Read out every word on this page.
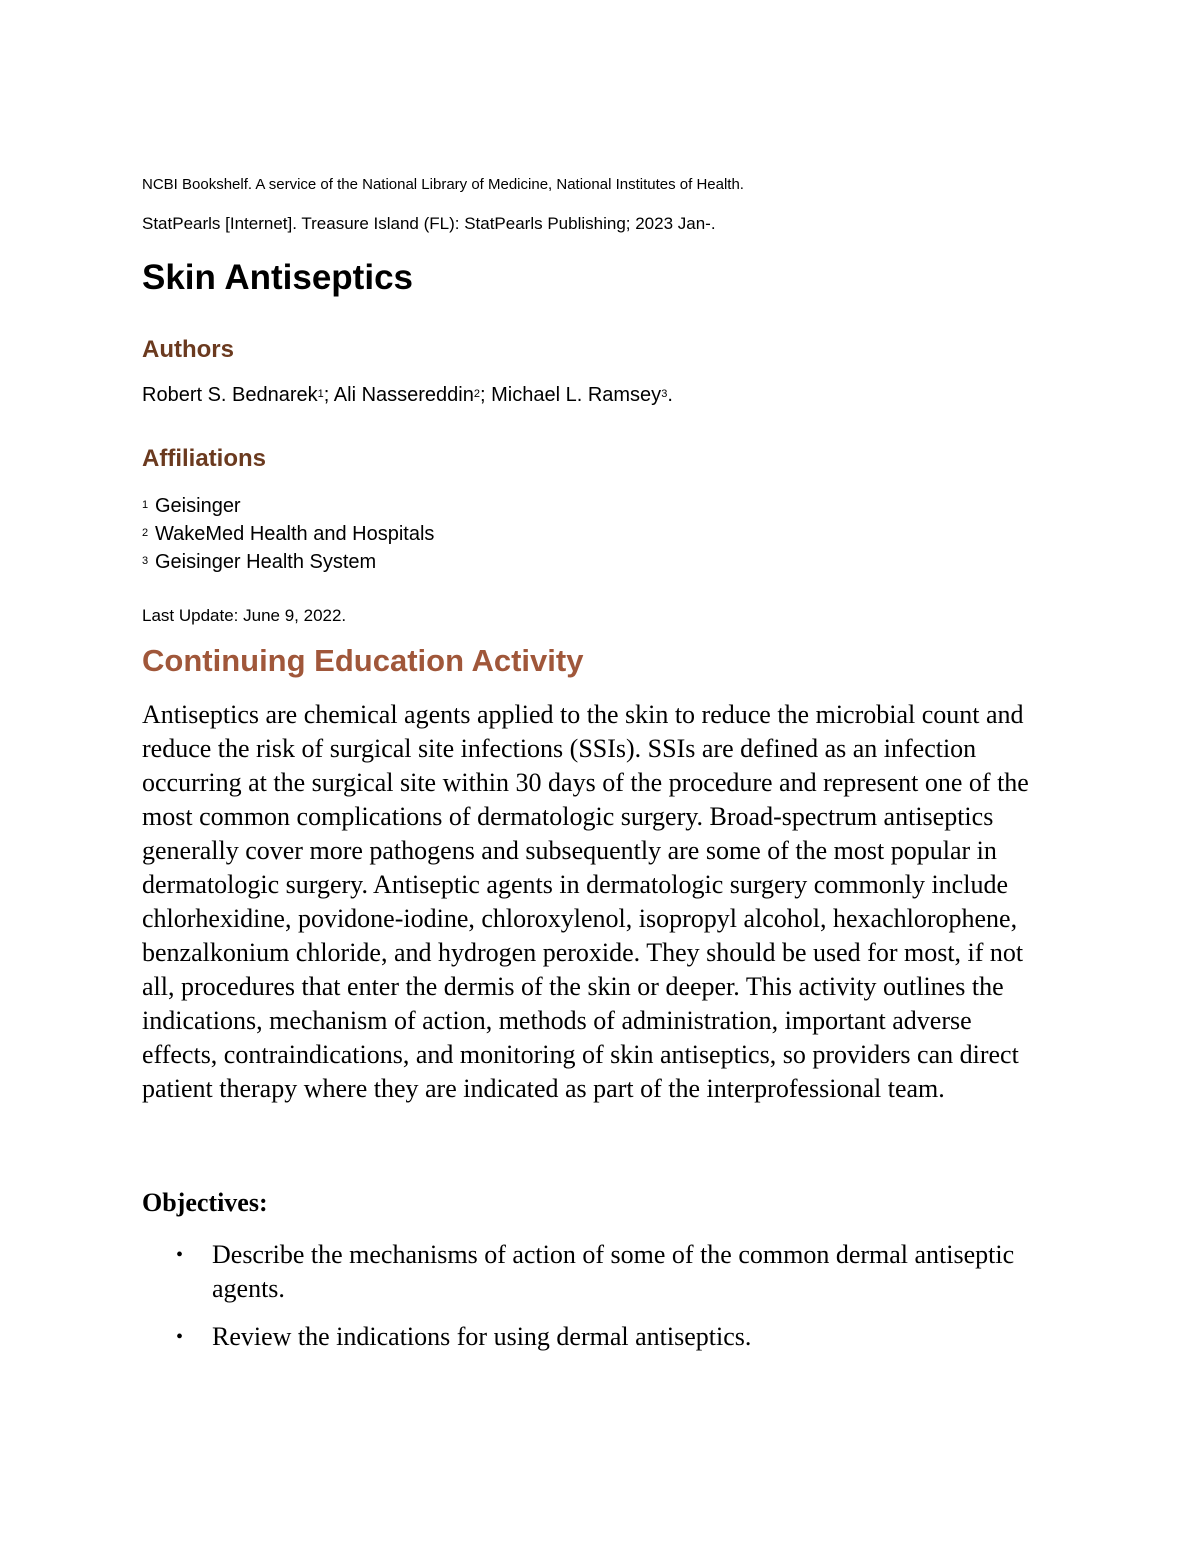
NCBI Bookshelf. A service of the National Library of Medicine, National Institutes of Health.
StatPearls [Internet]. Treasure Island (FL): StatPearls Publishing; 2023 Jan-.
Skin Antiseptics
Authors
Robert S. Bednarek$^1$; Ali Nassereddin$^2$; Michael L. Ramsey$^3$.
Affiliations
$^1$ Geisinger
$^2$ WakeMed Health and Hospitals
$^3$ Geisinger Health System
Last Update: June 9, 2022.
Continuing Education Activity

Antiseptics are chemical agents applied to the skin to reduce the microbial count and reduce the risk of surgical site infections (SSIs). SSIs are defined as an infection occurring at the surgical site within 30 days of the procedure and represent one of the most common complications of dermatologic surgery. Broad-spectrum antiseptics generally cover more pathogens and subsequently are some of the most popular in dermatologic surgery. Antiseptic agents in dermatologic surgery commonly include chlorhexidine, povidone-iodine, chloroxylenol, isopropyl alcohol, hexachlorophene, benzalkonium chloride, and hydrogen peroxide. They should be used for most, if not all, procedures that enter the dermis of the skin or deeper. This activity outlines the indications, mechanism of action, methods of administration, important adverse effects, contraindications, and monitoring of skin antiseptics, so providers can direct patient therapy where they are indicated as part of the interprofessional team.

Objectives:
• Describe the mechanisms of action of some of the common dermal antiseptic agents.
• Review the indications for using dermal antiseptics.
